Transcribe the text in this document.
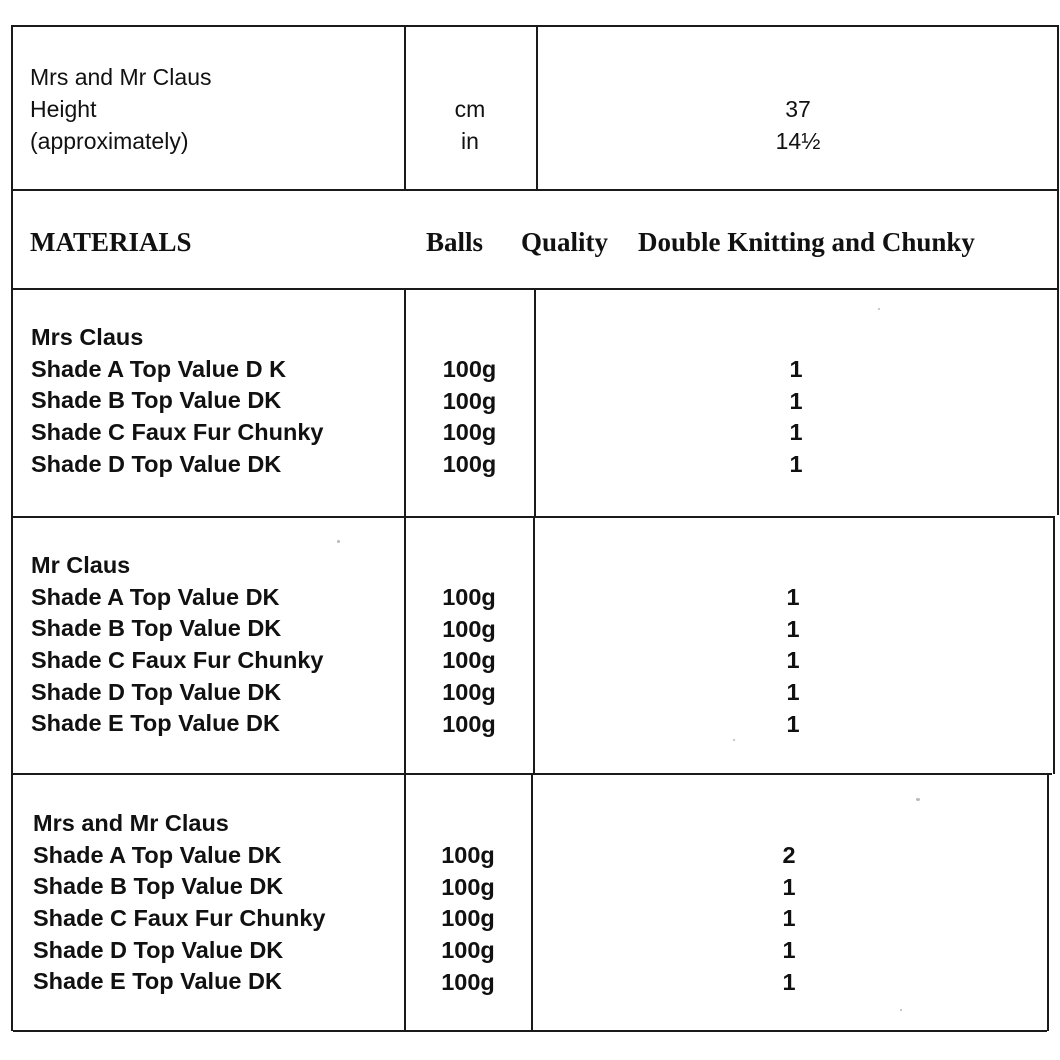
Mrs and Mr Claus
Height
(approximately)
cm
in
37
14½
MATERIALS	Balls Quality Double Knitting and Chunky
Mrs Claus
Shade A Top Value D K
Shade B Top Value DK
Shade C Faux Fur Chunky
Shade D Top Value DK
100g
100g
100g
100g
1
1
1
1
Mr Claus
Shade A Top Value DK
Shade B Top Value DK
Shade C Faux Fur Chunky
Shade D Top Value DK
Shade E Top Value DK
100g
100g
100g
100g
100g
1
1
1
1
1
Mrs and Mr Claus
Shade A Top Value DK
Shade B Top Value DK
Shade C Faux Fur Chunky
Shade D Top Value DK
Shade E Top Value DK
100g
100g
100g
100g
100g
2
1
1
1
1
